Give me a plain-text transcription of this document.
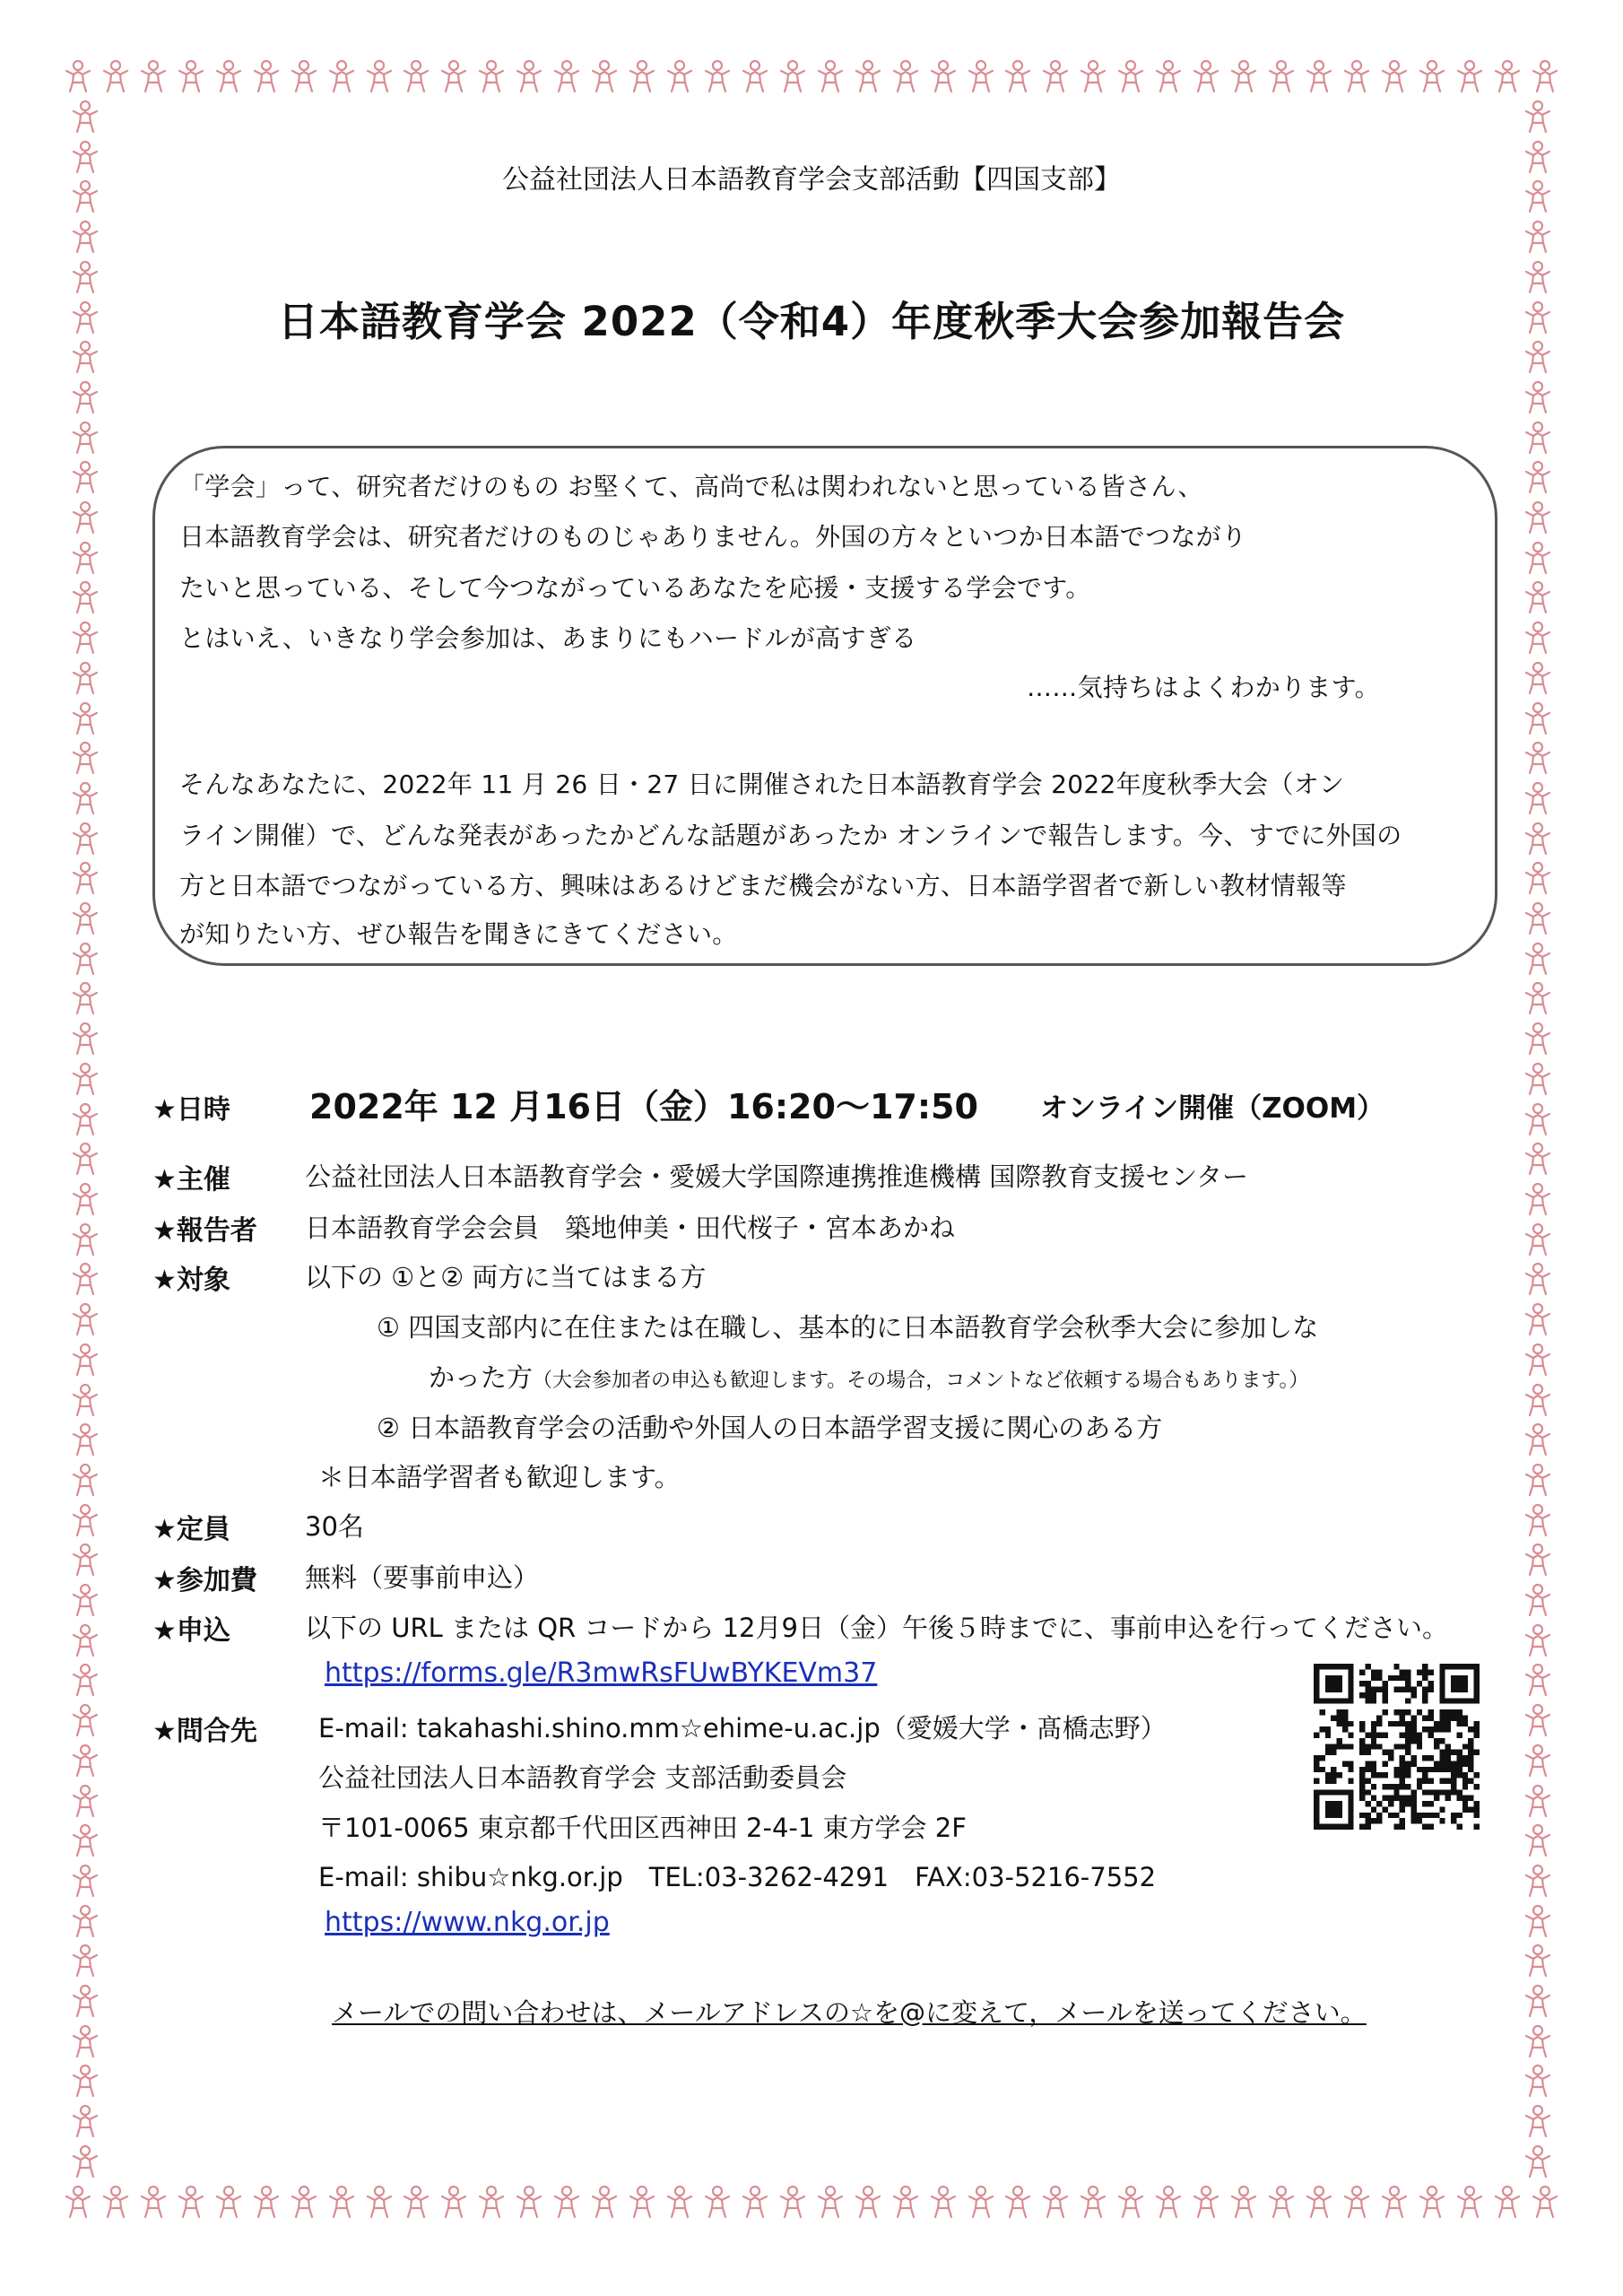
公益社団法人日本語教育学会支部活動【四国支部】
日本語教育学会 2022（令和4）年度秋季大会参加報告会
「学会」って、研究者だけのもの お堅くて、高尚で私は関われないと思っている皆さん、
日本語教育学会は、研究者だけのものじゃありません。外国の方々といつか日本語でつながり
たいと思っている、そして今つながっているあなたを応援・支援する学会です。
とはいえ、いきなり学会参加は、あまりにもハードルが高すぎる
……気持ちはよくわかります。
そんなあなたに、2022年 11 月 26 日・27 日に開催された日本語教育学会 2022年度秋季大会（オン
ライン開催）で、どんな発表があったかどんな話題があったか オンラインで報告します。今、すでに外国の
方と日本語でつながっている方、興味はあるけどまだ機会がない方、日本語学習者で新しい教材情報等
が知りたい方、ぜひ報告を聞きにきてください。
★日時 2022年 12 月16日（金）16:20～17:50 オンライン開催（ZOOM）
★主催	公益社団法人日本語教育学会・愛媛大学国際連携推進機構 国際教育支援センター
★報告者 日本語教育学会会員　築地伸美・田代桜子・宮本あかね
★対象	以下の ①と② 両方に当てはまる方
① 四国支部内に在住または在職し、基本的に日本語教育学会秋季大会に参加しな
かった方（大会参加者の申込も歓迎します。その場合，コメントなど依頼する場合もあります。）
② 日本語教育学会の活動や外国人の日本語学習支援に関心のある方
＊日本語学習者も歓迎します。
★定員	30名
★参加費 無料（要事前申込）
★申込	以下の URL または QR コードから 12月9日（金）午後５時までに、事前申込を行ってください。
https://forms.gle/R3mwRsFUwBYKEVm37
★問合先 E-mail: takahashi.shino.mm☆ehime-u.ac.jp（愛媛大学・髙橋志野）
公益社団法人日本語教育学会 支部活動委員会
〒101-0065 東京都千代田区西神田 2-4-1 東方学会 2F
E-mail: shibu☆nkg.or.jp　TEL:03-3262-4291　FAX:03-5216-7552
https://www.nkg.or.jp
メールでの問い合わせは、メールアドレスの☆を@に変えて，メールを送ってください。
